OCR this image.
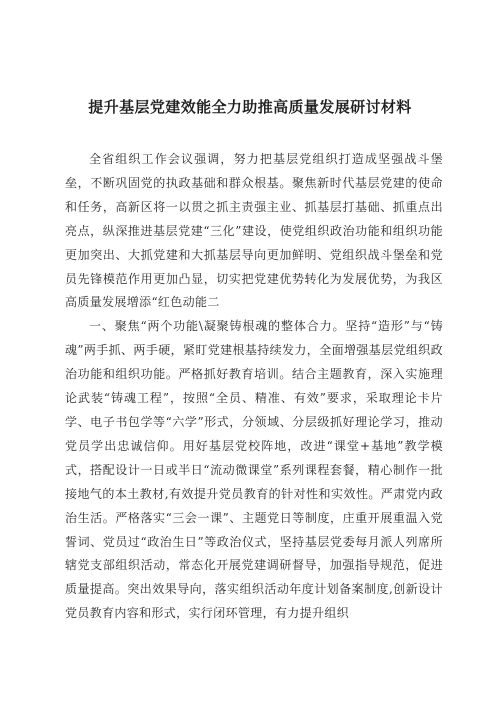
提升基层党建效能全力助推高质量发展研讨材料

全省组织工作会议强调，努力把基层党组织打造成坚强战斗堡垒，不断巩固党的执政基础和群众根基。聚焦新时代基层党建的使命和任务，高新区将一以贯之抓主责强主业、抓基层打基础、抓重点出亮点，纵深推进基层党建“三化”建设，使党组织政治功能和组织功能更加突出、大抓党建和大抓基层导向更加鲜明、党组织战斗堡垒和党员先锋模范作用更加凸显，切实把党建优势转化为发展优势，为我区高质量发展增添“红色动能二

一、聚焦“两个功能\凝聚铸根魂的整体合力。坚持“造形”与“铸魂”两手抓、两手硬，紧盯党建根基持续发力，全面增强基层党组织政治功能和组织功能。严格抓好教育培训。结合主题教育，深入实施理论武装“铸魂工程”，按照“全员、精准、有效”要求，采取理论卡片学、电子书包学等“六学”形式，分领域、分层级抓好理论学习，推动党员学出忠诚信仰。用好基层党校阵地，改进“课堂+基地”教学模式，搭配设计一日或半日“流动微课堂”系列课程套餐，精心制作一批接地气的本土教材,有效提升党员教育的针对性和实效性。严肃党内政治生活。严格落实“三会一课”、主题党日等制度，庄重开展重温入党誓词、党员过“政治生日”等政治仪式，坚持基层党委每月派人列席所辖党支部组织活动，常态化开展党建调研督导，加强指导规范，促进质量提高。突出效果导向，落实组织活动年度计划备案制度,创新设计党员教育内容和形式，实行闭环管理，有力提升组织
